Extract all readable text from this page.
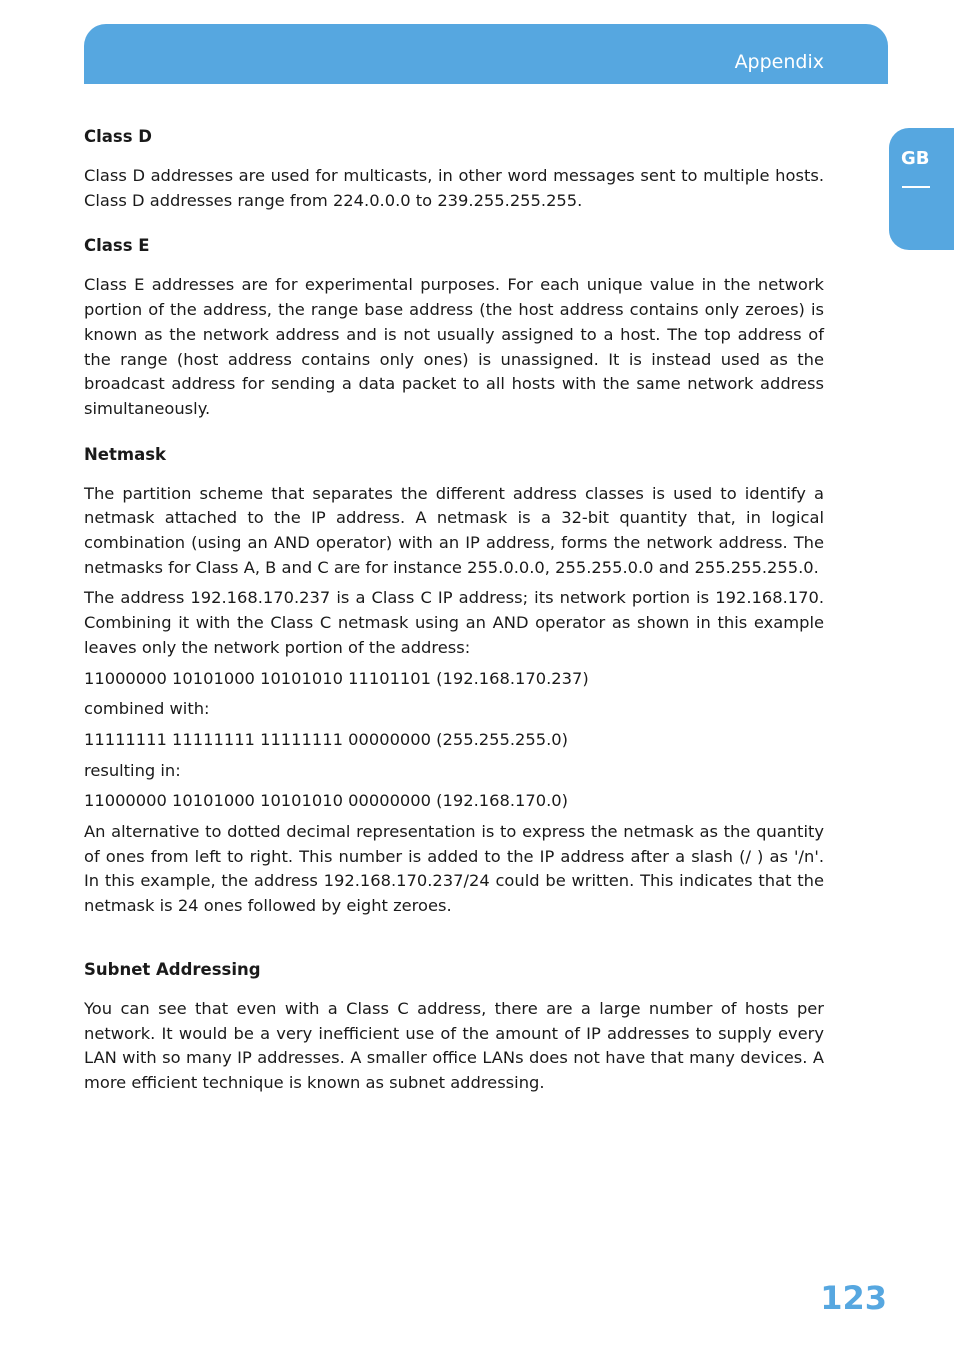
Appendix
GB
Class D

Class D addresses are used for multicasts, in other word messages sent to multiple hosts. Class D addresses range from 224.0.0.0 to 239.255.255.255.

Class E

Class E addresses are for experimental purposes. For each unique value in the network portion of the address, the range base address (the host address contains only zeroes) is known as the network address and is not usually assigned to a host. The top address of the range (host address contains only ones) is unassigned. It is instead used as the broadcast address for sending a data packet to all hosts with the same network address simultaneously.

Netmask

The partition scheme that separates the different address classes is used to identify a netmask attached to the IP address. A netmask is a 32-bit quantity that, in logical combination (using an AND operator) with an IP address, forms the network address. The netmasks for Class A, B and C are for instance 255.0.0.0, 255.255.0.0 and 255.255.255.0.

The address 192.168.170.237 is a Class C IP address; its network portion is 192.168.170. Combining it with the Class C netmask using an AND operator as shown in this example leaves only the network portion of the address:

11000000 10101000 10101010 11101101 (192.168.170.237)

combined with:

11111111 11111111 11111111 00000000 (255.255.255.0)

resulting in:

11000000 10101000 10101010 00000000 (192.168.170.0)

An alternative to dotted decimal representation is to express the netmask as the quantity of ones from left to right. This number is added to the IP address after a slash (/ ) as '/n'. In this example, the address 192.168.170.237/24 could be written. This indicates that the netmask is 24 ones followed by eight zeroes.

Subnet Addressing

You can see that even with a Class C address, there are a large number of hosts per network. It would be a very inefficient use of the amount of IP addresses to supply every LAN with so many IP addresses. A smaller office LANs does not have that many devices. A more efficient technique is known as subnet addressing.

123
